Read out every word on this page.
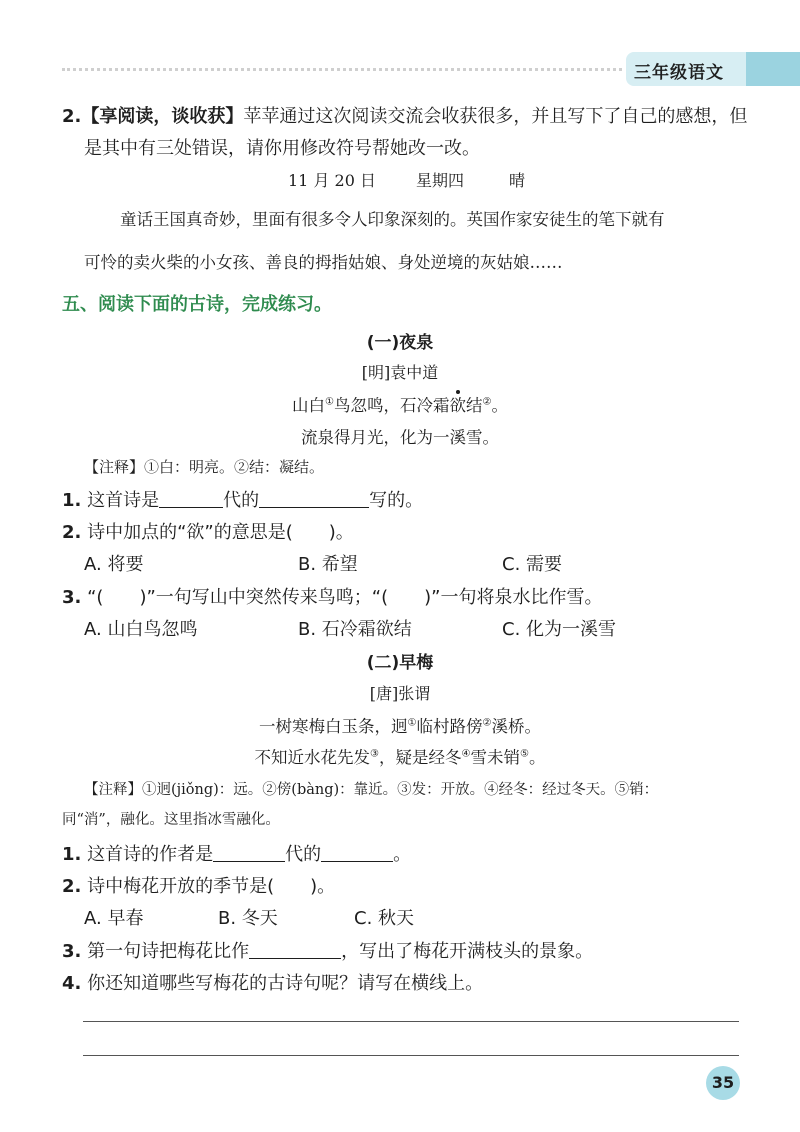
三年级语文
2.【享阅读，谈收获】苹苹通过这次阅读交流会收获很多，并且写下了自己的感想，但
是其中有三处错误，请你用修改符号帮她改一改。
11 月 20 日	星期四	晴
童话王国真奇妙，里面有很多令人印象深刻的。英国作家安徒生的笔下就有
可怜的卖火柴的小女孩、善良的拇指姑娘、身处逆境的灰姑娘……
五、阅读下面的古诗，完成练习。
(一)夜泉
[明]袁中道
山白①鸟忽鸣，石冷霜欲结②。
流泉得月光，化为一溪雪。
【注释】①白：明亮。②结：凝结。
1. 这首诗是	代的	写的。
2. 诗中加点的“欲”的意思是(　　)。
A. 将要	B. 希望	C. 需要
3. “(　　)”一句写山中突然传来鸟鸣；“(　　)”一句将泉水比作雪。
A. 山白鸟忽鸣	B. 石冷霜欲结	C. 化为一溪雪
(二)早梅
[唐]张谓
一树寒梅白玉条，迥①临村路傍②溪桥。
不知近水花先发③，疑是经冬④雪未销⑤。
【注释】①迥(jiǒng)：远。②傍(bàng)：靠近。③发：开放。④经冬：经过冬天。⑤销：
同“消”，融化。这里指冰雪融化。
1. 这首诗的作者是	代的	。
2. 诗中梅花开放的季节是(　　)。
A. 早春	B. 冬天	C. 秋天
3. 第一句诗把梅花比作	，写出了梅花开满枝头的景象。
4. 你还知道哪些写梅花的古诗句呢？请写在横线上。
35
